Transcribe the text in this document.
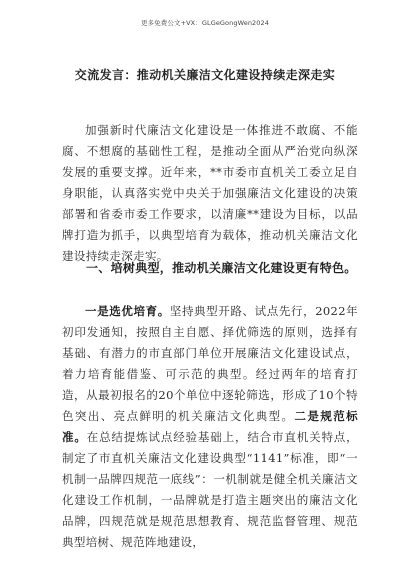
更多免费公文+VX：GLGeGongWen2024
交流发言：推动机关廉洁文化建设持续走深走实

加强新时代廉洁文化建设是一体推进不敢腐、不能腐、不想腐的基础性工程，是推动全面从严治党向纵深发展的重要支撑。近年来，**市委市直机关工委立足自身职能，认真落实党中央关于加强廉洁文化建设的决策部署和省委市委工作要求，以清廉**建设为目标，以品牌打造为抓手，以典型培育为载体，推动机关廉洁文化建设持续走深走实。

一、培树典型，推动机关廉洁文化建设更有特色。

一是选优培育。坚持典型开路、试点先行，2022年初印发通知，按照自主自愿、择优筛选的原则，选择有基础、有潜力的市直部门单位开展廉洁文化建设试点，着力培育能借鉴、可示范的典型。经过两年的培育打造，从最初报名的20个单位中逐轮筛选，形成了10个特色突出、亮点鲜明的机关廉洁文化典型。二是规范标准。在总结提炼试点经验基础上，结合市直机关特点，制定了市直机关廉洁文化建设典型“1141”标准，即“一机制一品牌四规范一底线”：一机制就是健全机关廉洁文化建设工作机制，一品牌就是打造主题突出的廉洁文化品牌，四规范就是规范思想教育、规范监督管理、规范典型培树、规范阵地建设，
